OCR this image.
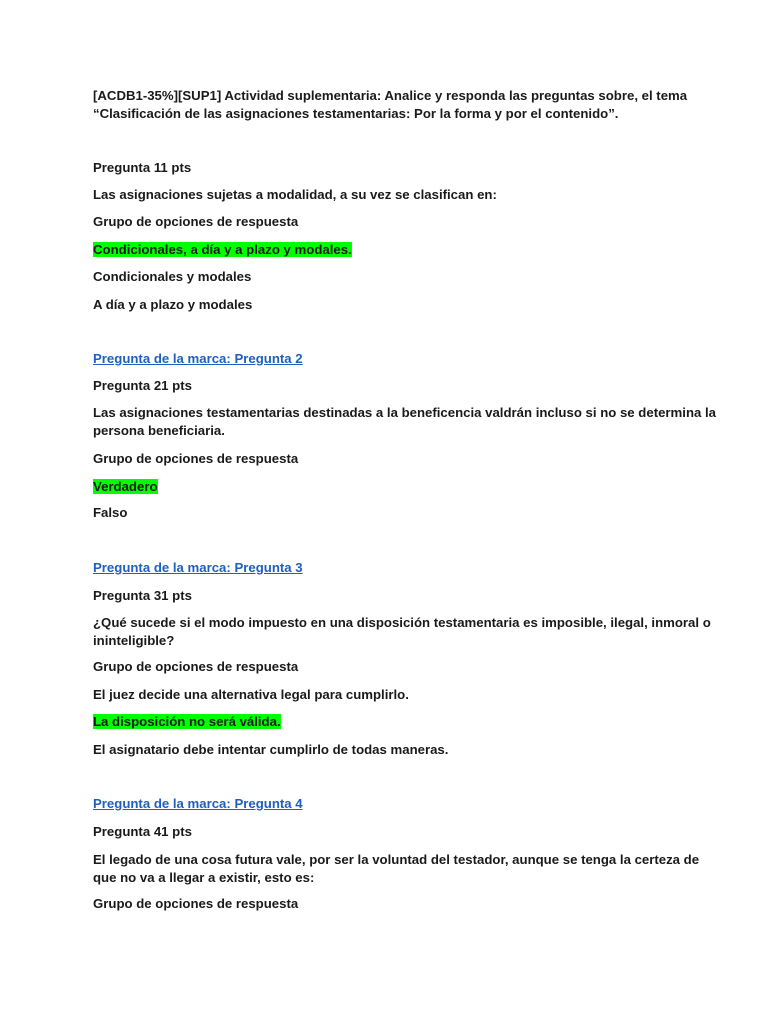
[ACDB1-35%][SUP1] Actividad suplementaria: Analice y responda las preguntas sobre, el tema
“Clasificación de las asignaciones testamentarias: Por la forma y por el contenido”.
Pregunta 11 pts
Las asignaciones sujetas a modalidad, a su vez se clasifican en:
Grupo de opciones de respuesta
Condicionales, a día y a plazo y modales.
Condicionales y modales
A día y a plazo y modales
Pregunta de la marca: Pregunta 2
Pregunta 21 pts
Las asignaciones testamentarias destinadas a la beneficencia valdrán incluso si no se determina la
persona beneficiaria.
Grupo de opciones de respuesta
Verdadero
Falso
Pregunta de la marca: Pregunta 3
Pregunta 31 pts
¿Qué sucede si el modo impuesto en una disposición testamentaria es imposible, ilegal, inmoral o
ininteligible?
Grupo de opciones de respuesta
El juez decide una alternativa legal para cumplirlo.
La disposición no será válida.
El asignatario debe intentar cumplirlo de todas maneras.
Pregunta de la marca: Pregunta 4
Pregunta 41 pts
El legado de una cosa futura vale, por ser la voluntad del testador, aunque se tenga la certeza de
que no va a llegar a existir, esto es:
Grupo de opciones de respuesta
